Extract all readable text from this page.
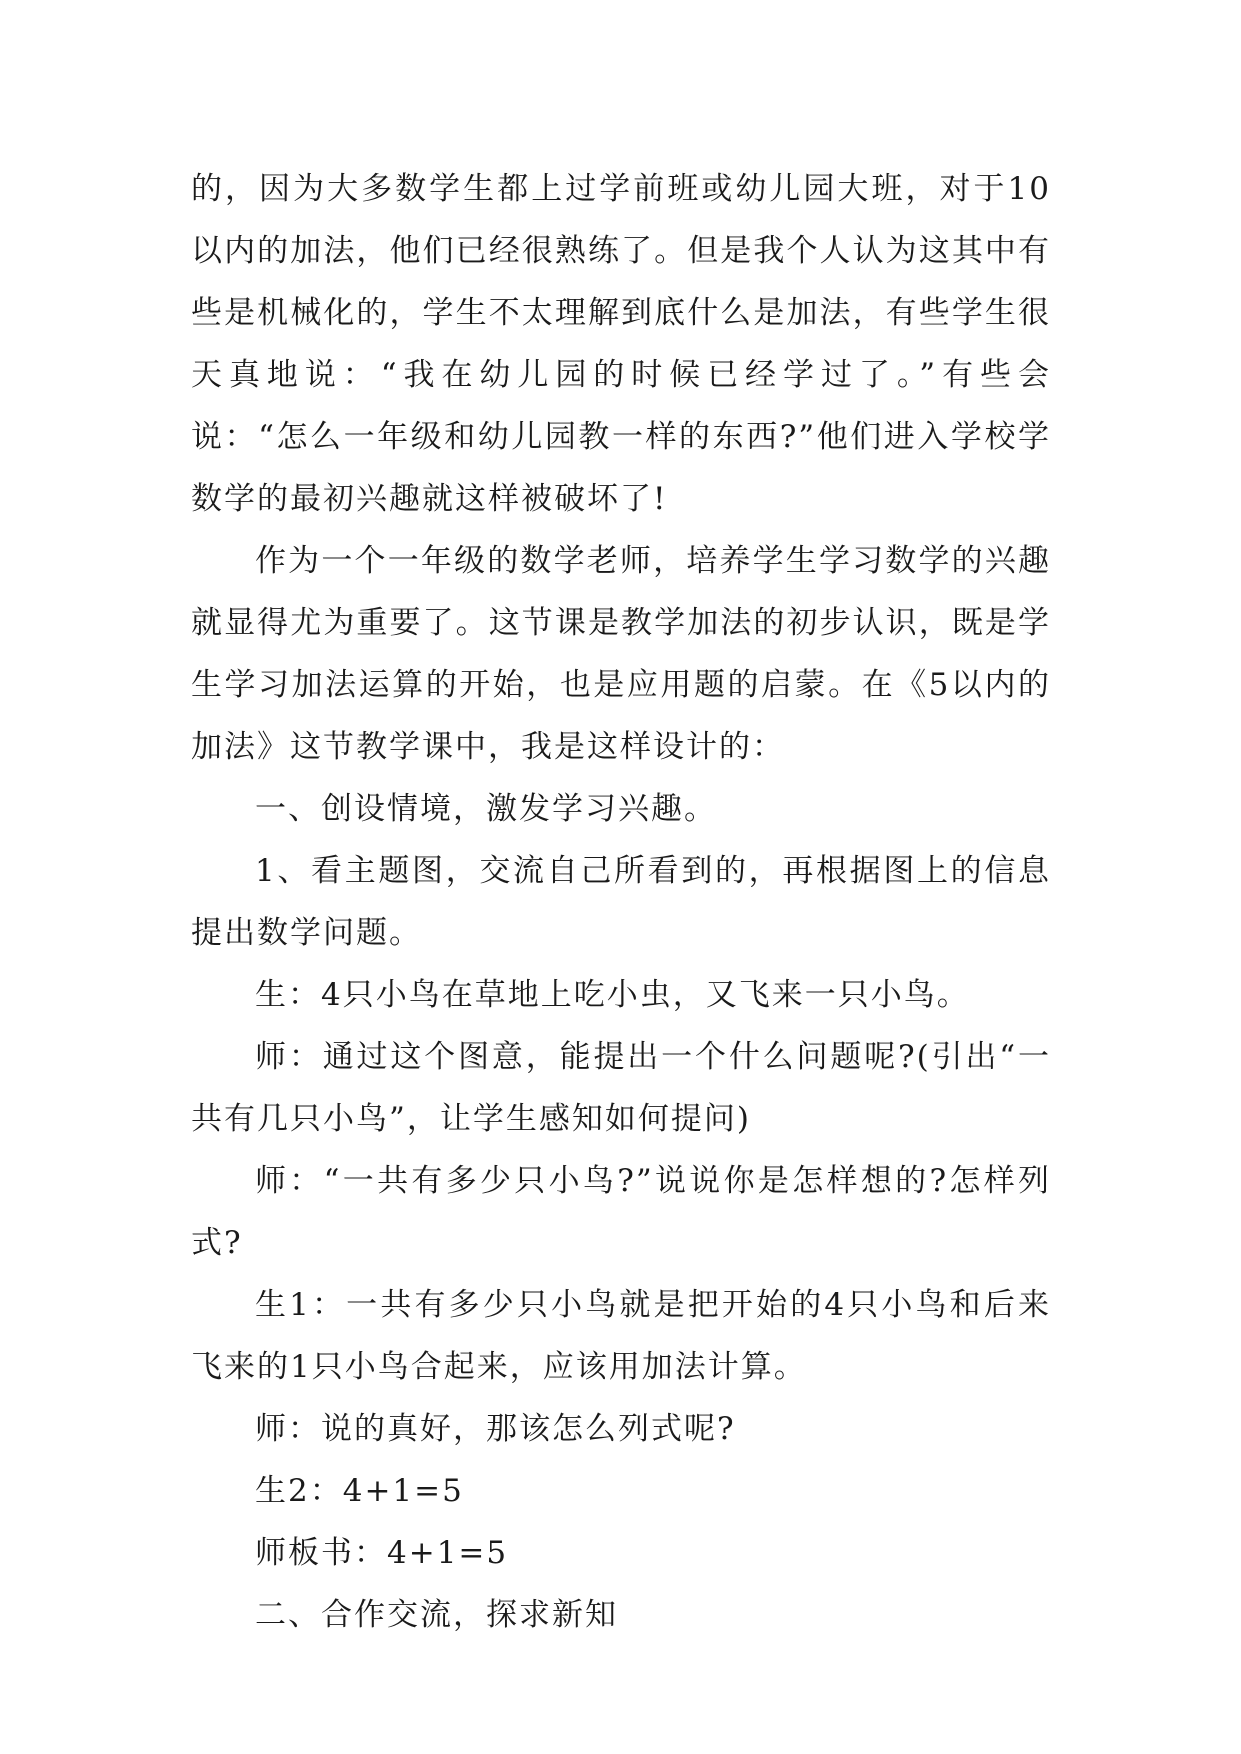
的，因为大多数学生都上过学前班或幼儿园大班，对于10以内的加法，他们已经很熟练了。但是我个人认为这其中有些是机械化的，学生不太理解到底什么是加法，有些学生很天真地说：“我在幼儿园的时候已经学过了。”有些会说：“怎么一年级和幼儿园教一样的东西?”他们进入学校学数学的最初兴趣就这样被破坏了!

作为一个一年级的数学老师，培养学生学习数学的兴趣就显得尤为重要了。这节课是教学加法的初步认识，既是学生学习加法运算的开始，也是应用题的启蒙。在《5以内的加法》这节教学课中，我是这样设计的：

一、创设情境，激发学习兴趣。

1、看主题图，交流自己所看到的，再根据图上的信息提出数学问题。

生：4只小鸟在草地上吃小虫，又飞来一只小鸟。

师：通过这个图意，能提出一个什么问题呢?(引出“一共有几只小鸟”，让学生感知如何提问)

师：“一共有多少只小鸟?”说说你是怎样想的?怎样列式?

生1：一共有多少只小鸟就是把开始的4只小鸟和后来飞来的1只小鸟合起来，应该用加法计算。

师：说的真好，那该怎么列式呢?

生2：4+1=5

师板书：4+1=5

二、合作交流，探求新知
